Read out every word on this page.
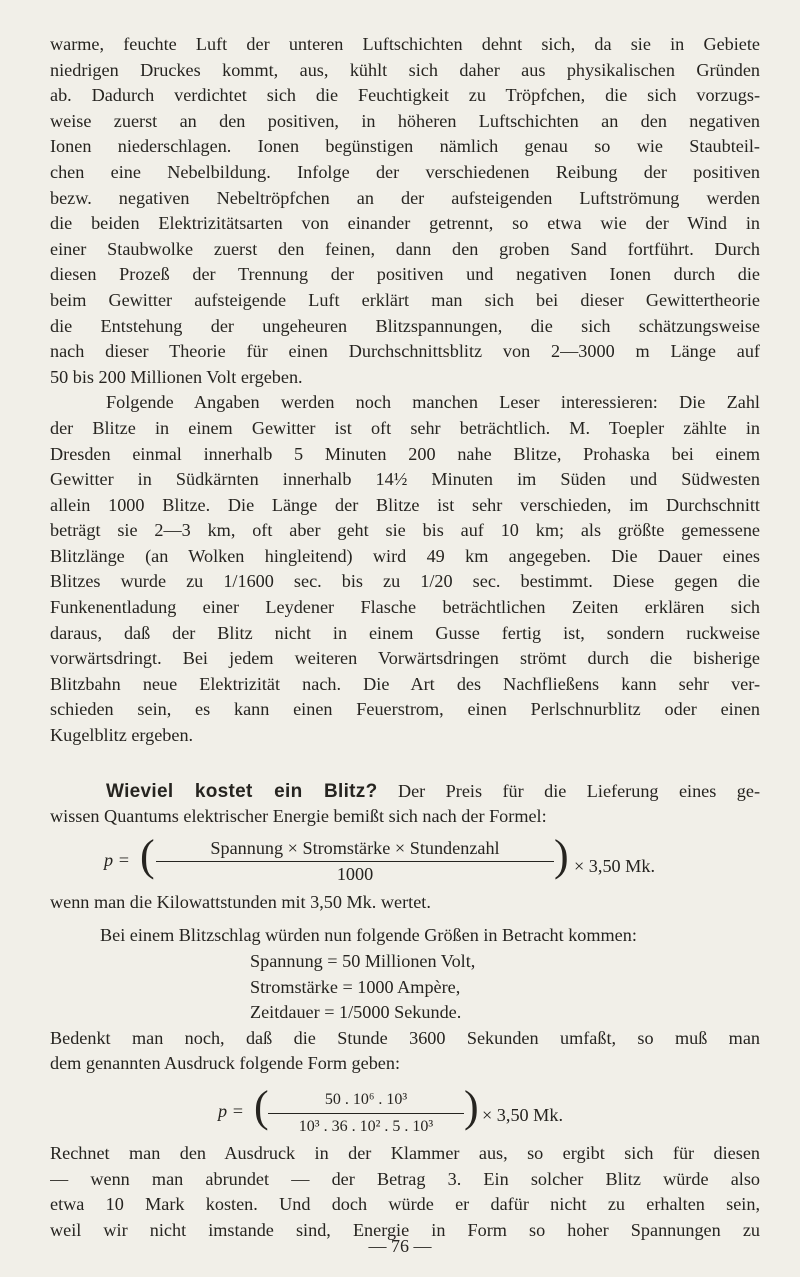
warme, feuchte Luft der unteren Luftschichten dehnt sich, da sie in Gebiete
niedrigen Druckes kommt, aus, kühlt sich daher aus physikalischen Gründen
ab. Dadurch verdichtet sich die Feuchtigkeit zu Tröpfchen, die sich vorzugs-
weise zuerst an den positiven, in höheren Luftschichten an den negativen
Ionen niederschlagen. Ionen begünstigen nämlich genau so wie Staubteil-
chen eine Nebelbildung. Infolge der verschiedenen Reibung der positiven
bezw. negativen Nebeltröpfchen an der aufsteigenden Luftströmung werden
die beiden Elektrizitätsarten von einander getrennt, so etwa wie der Wind in
einer Staubwolke zuerst den feinen, dann den groben Sand fortführt. Durch
diesen Prozeß der Trennung der positiven und negativen Ionen durch die
beim Gewitter aufsteigende Luft erklärt man sich bei dieser Gewittertheorie
die Entstehung der ungeheuren Blitzspannungen, die sich schätzungsweise
nach dieser Theorie für einen Durchschnittsblitz von 2—3000 m Länge auf
50 bis 200 Millionen Volt ergeben.
Folgende Angaben werden noch manchen Leser interessieren: Die Zahl
der Blitze in einem Gewitter ist oft sehr beträchtlich. M. Toepler zählte in
Dresden einmal innerhalb 5 Minuten 200 nahe Blitze, Prohaska bei einem
Gewitter in Südkärnten innerhalb 14½ Minuten im Süden und Südwesten
allein 1000 Blitze. Die Länge der Blitze ist sehr verschieden, im Durchschnitt
beträgt sie 2—3 km, oft aber geht sie bis auf 10 km; als größte gemessene
Blitzlänge (an Wolken hingleitend) wird 49 km angegeben. Die Dauer eines
Blitzes wurde zu 1/1600 sec. bis zu 1/20 sec. bestimmt. Diese gegen die
Funkenentladung einer Leydener Flasche beträchtlichen Zeiten erklären sich
daraus, daß der Blitz nicht in einem Gusse fertig ist, sondern ruckweise
vorwärtsdringt. Bei jedem weiteren Vorwärtsdringen strömt durch die bisherige
Blitzbahn neue Elektrizität nach. Die Art des Nachfließens kann sehr ver-
schieden sein, es kann einen Feuerstrom, einen Perlschnurblitz oder einen
Kugelblitz ergeben.
Wieviel kostet ein Blitz? Der Preis für die Lieferung eines ge-
wissen Quantums elektrischer Energie bemißt sich nach der Formel:
p = (	Spannung × Stromstärke × Stundenzahl
1000	) × 3,50 Mk.
wenn man die Kilowattstunden mit 3,50 Mk. wertet.
Bei einem Blitzschlag würden nun folgende Größen in Betracht kommen:
Spannung = 50 Millionen Volt,
Stromstärke = 1000 Ampère,
Zeitdauer = 1/5000 Sekunde.
Bedenkt man noch, daß die Stunde 3600 Sekunden umfaßt, so muß man
dem genannten Ausdruck folgende Form geben:
p = ( $\frac{\text{50 . 10⁶ . 10³}}{\text{10³ . 36 . 10² . 5 . 10³}}$ ) × 3,50 Mk.
Rechnet man den Ausdruck in der Klammer aus, so ergibt sich für diesen
— wenn man abrundet — der Betrag 3. Ein solcher Blitz würde also
etwa 10 Mark kosten. Und doch würde er dafür nicht zu erhalten sein,
weil wir nicht imstande sind, Energie in Form so hoher Spannungen zu
— 76 —
